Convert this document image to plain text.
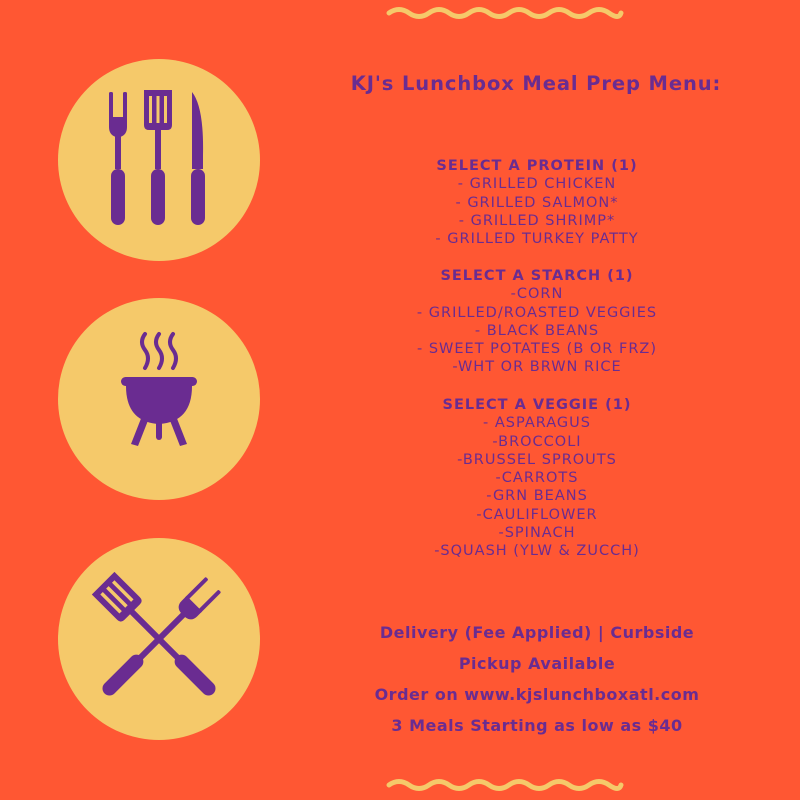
KJ's Lunchbox Meal Prep Menu:
SELECT A PROTEIN (1)
- GRILLED CHICKEN
- GRILLED SALMON*
- GRILLED SHRIMP*
- GRILLED TURKEY PATTY
SELECT A STARCH (1)
-CORN
- GRILLED/ROASTED VEGGIES
- BLACK BEANS
- SWEET POTATES (B OR FRZ)
-WHT OR BRWN RICE
SELECT A VEGGIE (1)
- ASPARAGUS
-BROCCOLI
-BRUSSEL SPROUTS
-CARROTS
-GRN BEANS
-CAULIFLOWER
-SPINACH
-SQUASH (YLW & ZUCCH)
Delivery (Fee Applied) | Curbside
Pickup Available
Order on www.kjslunchboxatl.com
3 Meals Starting as low as $40
